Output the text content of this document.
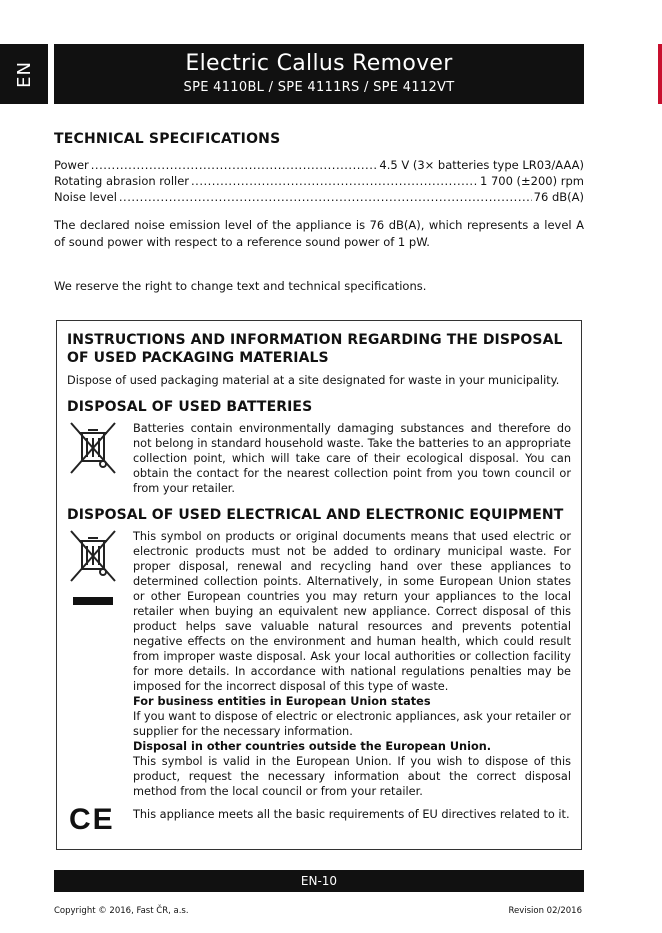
EN	Electric Callus Remover
SPE 4110BL / SPE 4111RS / SPE 4112VT
TECHNICAL SPECIFICATIONS
Power .....	4.5 V (3× batteries type LR03/AAA)
Rotating abrasion roller .....	1 700 (±200) rpm
Noise level .....	76 dB(A)
The declared noise emission level of the appliance is 76 dB(A), which represents a level A of sound power with respect to a reference sound power of 1 pW.
We reserve the right to change text and technical specifications.
INSTRUCTIONS AND INFORMATION REGARDING THE DISPOSAL OF USED PACKAGING MATERIALS
Dispose of used packaging material at a site designated for waste in your municipality.
DISPOSAL OF USED BATTERIES
Batteries contain environmentally damaging substances and therefore do not belong in standard household waste. Take the batteries to an appropriate collection point, which will take care of their ecological disposal. You can obtain the contact for the nearest collection point from you town council or from your retailer.
DISPOSAL OF USED ELECTRICAL AND ELECTRONIC EQUIPMENT
This symbol on products or original documents means that used electric or electronic products must not be added to ordinary municipal waste. For proper disposal, renewal and recycling hand over these appliances to determined collection points. Alternatively, in some European Union states or other European countries you may return your appliances to the local retailer when buying an equivalent new appliance. Correct disposal of this product helps save valuable natural resources and prevents potential negative effects on the environment and human health, which could result from improper waste disposal. Ask your local authorities or collection facility for more details. In accordance with national regulations penalties may be imposed for the incorrect disposal of this type of waste.
For business entities in European Union states
If you want to dispose of electric or electronic appliances, ask your retailer or supplier for the necessary information.
Disposal in other countries outside the European Union.
This symbol is valid in the European Union. If you wish to dispose of this product, request the necessary information about the correct disposal method from the local council or from your retailer.
CE This appliance meets all the basic requirements of EU directives related to it.
EN-10
Copyright © 2016, Fast ČR, a.s.	Revision 02/2016
